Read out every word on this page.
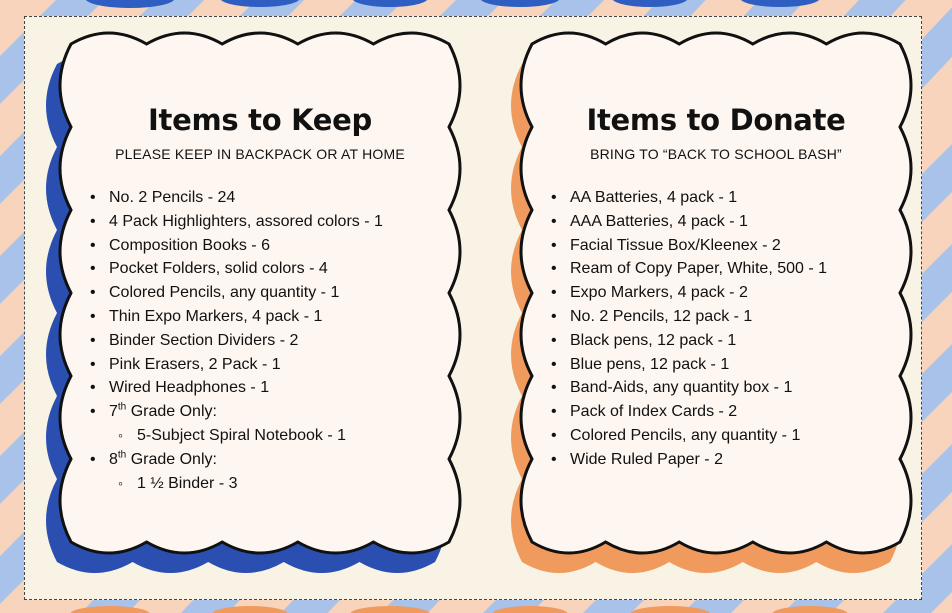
Items to Keep
PLEASE KEEP IN BACKPACK OR AT HOME
• No. 2 Pencils - 24
• 4 Pack Highlighters, assored colors - 1
• Composition Books - 6
• Pocket Folders, solid colors - 4
• Colored Pencils, any quantity - 1
• Thin Expo Markers, 4 pack - 1
• Binder Section Dividers - 2
• Pink Erasers, 2 Pack - 1
• Wired Headphones - 1
• 7th Grade Only:
◦ 5-Subject Spiral Notebook - 1
• 8th Grade Only:
◦ 1 ½ Binder - 3
Items to Donate
BRING TO “BACK TO SCHOOL BASH”
• AA Batteries, 4 pack - 1
• AAA Batteries, 4 pack - 1
• Facial Tissue Box/Kleenex - 2
• Ream of Copy Paper, White, 500 - 1
• Expo Markers, 4 pack - 2
• No. 2 Pencils, 12 pack - 1
• Black pens, 12 pack - 1
• Blue pens, 12 pack - 1
• Band-Aids, any quantity box - 1
• Pack of Index Cards - 2
• Colored Pencils, any quantity - 1
• Wide Ruled Paper - 2
